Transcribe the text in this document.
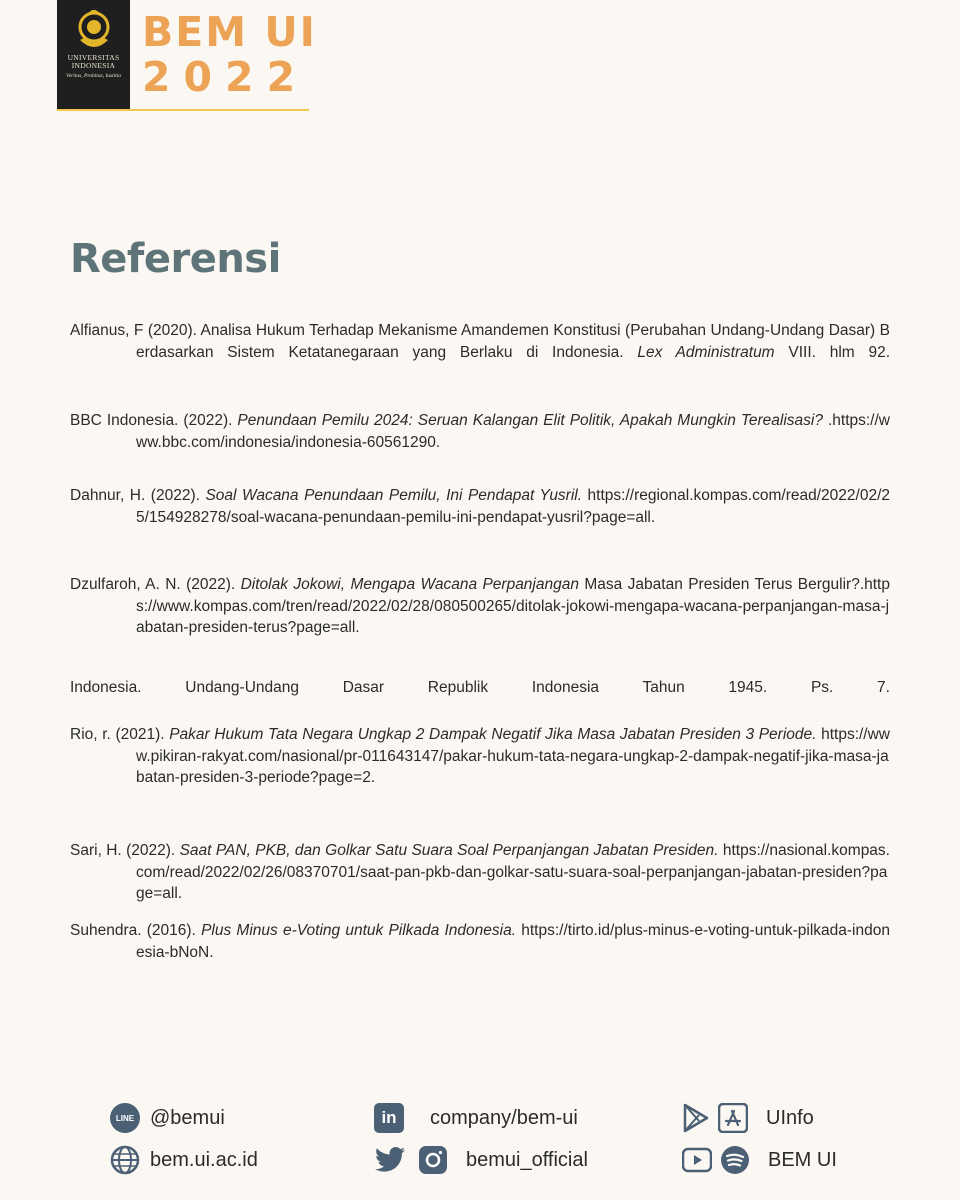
UNIVERSITAS
INDONESIA
Veritas, Probitas, Iustitia
BEM UI
2022
Referensi

Alfianus, F (2020). Analisa Hukum Terhadap Mekanisme Amandemen Konstitusi (Perubahan Undang-Undang Dasar) Berdasarkan Sistem Ketatanegaraan yang Berlaku di Indonesia. Lex Administratum VIII. hlm 92.

BBC Indonesia. (2022). Penundaan Pemilu 2024: Seruan Kalangan Elit Politik, Apakah Mungkin Terealisasi? .https://www.bbc.com/indonesia/indonesia-60561290.

Dahnur, H. (2022). Soal Wacana Penundaan Pemilu, Ini Pendapat Yusril. https://regional.kompas.com/read/2022/02/25/154928278/soal-wacana-penundaan-pemilu-ini-pendapat-yusril?page=all.

Dzulfaroh, A. N. (2022). Ditolak Jokowi, Mengapa Wacana Perpanjangan Masa Jabatan Presiden Terus Bergulir?.https://www.kompas.com/tren/read/2022/02/28/080500265/ditolak-jokowi-mengapa-wacana-perpanjangan-masa-jabatan-presiden-terus?page=all.

Indonesia. Undang-Undang Dasar Republik Indonesia Tahun 1945. Ps. 7.

Rio, r. (2021). Pakar Hukum Tata Negara Ungkap 2 Dampak Negatif Jika Masa Jabatan Presiden 3 Periode. https://www.pikiran-rakyat.com/nasional/pr-011643147/pakar-hukum-tata-negara-ungkap-2-dampak-negatif-jika-masa-jabatan-presiden-3-periode?page=2.

Sari, H. (2022). Saat PAN, PKB, dan Golkar Satu Suara Soal Perpanjangan Jabatan Presiden. https://nasional.kompas.com/read/2022/02/26/08370701/saat-pan-pkb-dan-golkar-satu-suara-soal-perpanjangan-jabatan-presiden?page=all.

Suhendra. (2016). Plus Minus e-Voting untuk Pilkada Indonesia. https://tirto.id/plus-minus-e-voting-untuk-pilkada-indonesia-bNoN.

LINE @bemui
bem.ui.ac.id
in	company/bem-ui
bemui_official
UInfo
BEM UI
